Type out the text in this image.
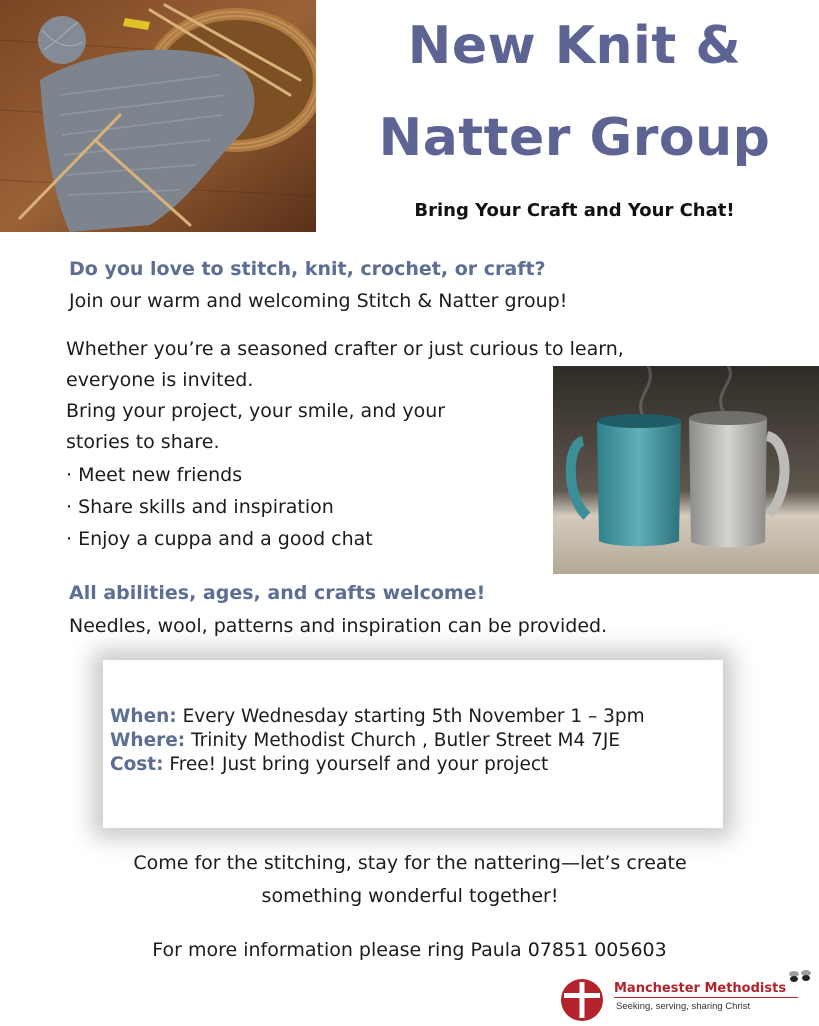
New Knit &
Natter Group
Bring Your Craft and Your Chat!
Do you love to stitch, knit, crochet, or craft?
Join our warm and welcoming Stitch & Natter group!
Whether you’re a seasoned crafter or just curious to learn,
everyone is invited.
Bring your project, your smile, and your
stories to share.
· Meet new friends
· Share skills and inspiration
· Enjoy a cuppa and a good chat
All abilities, ages, and crafts welcome!
Needles, wool, patterns and inspiration can be provided.
When: Every Wednesday starting 5th November 1 – 3pm
Where: Trinity Methodist Church , Butler Street M4 7JE
Cost: Free! Just bring yourself and your project
Come for the stitching, stay for the nattering—let’s create
something wonderful together!
For more information please ring Paula 07851 005603
Manchester Methodists
Seeking, serving, sharing Christ
